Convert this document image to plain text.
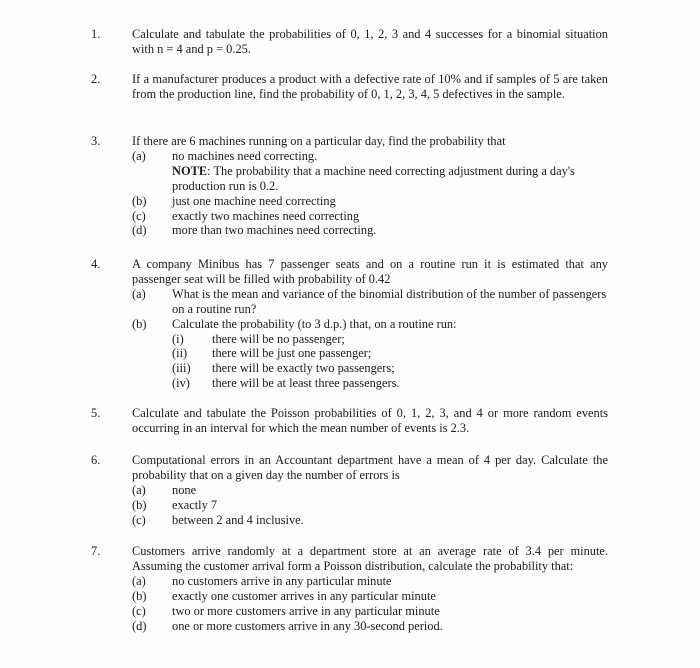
1.	Calculate and tabulate the probabilities of 0, 1, 2, 3 and 4 successes for a binomial situation with n = 4 and p = 0.25.

2.	If a manufacturer produces a product with a defective rate of 10% and if samples of 5 are taken from the production line, find the probability of 0, 1, 2, 3, 4, 5 defectives in the sample.

3.	If there are 6 machines running on a particular day, find the probability that

(a)	no machines need correcting.
NOTE: The probability that a machine need correcting adjustment during a day's production run is 0.2.
(b)	just one machine need correcting
(c)	exactly two machines need correcting
(d)	more than two machines need correcting.
4.	A company Minibus has 7 passenger seats and on a routine run it is estimated that any passenger seat will be filled with probability of 0.42

(a)	What is the mean and variance of the binomial distribution of the number of passengers on a routine run?
(b)	Calculate the probability (to 3 d.p.) that, on a routine run:
(i)	there will be no passenger;
(ii)	there will be just one passenger;
(iii)	there will be exactly two passengers;
(iv)	there will be at least three passengers.
5.	Calculate and tabulate the Poisson probabilities of 0, 1, 2, 3, and 4 or more random events occurring in an interval for which the mean number of events is 2.3.

6.	Computational errors in an Accountant department have a mean of 4 per day. Calculate the probability that on a given day the number of errors is

(a)	none
(b)	exactly 7
(c)	between 2 and 4 inclusive.
7.	Customers arrive randomly at a department store at an average rate of 3.4 per minute. Assuming the customer arrival form a Poisson distribution, calculate the probability that:

(a)	no customers arrive in any particular minute
(b)	exactly one customer arrives in any particular minute
(c)	two or more customers arrive in any particular minute
(d)	one or more customers arrive in any 30-second period.
